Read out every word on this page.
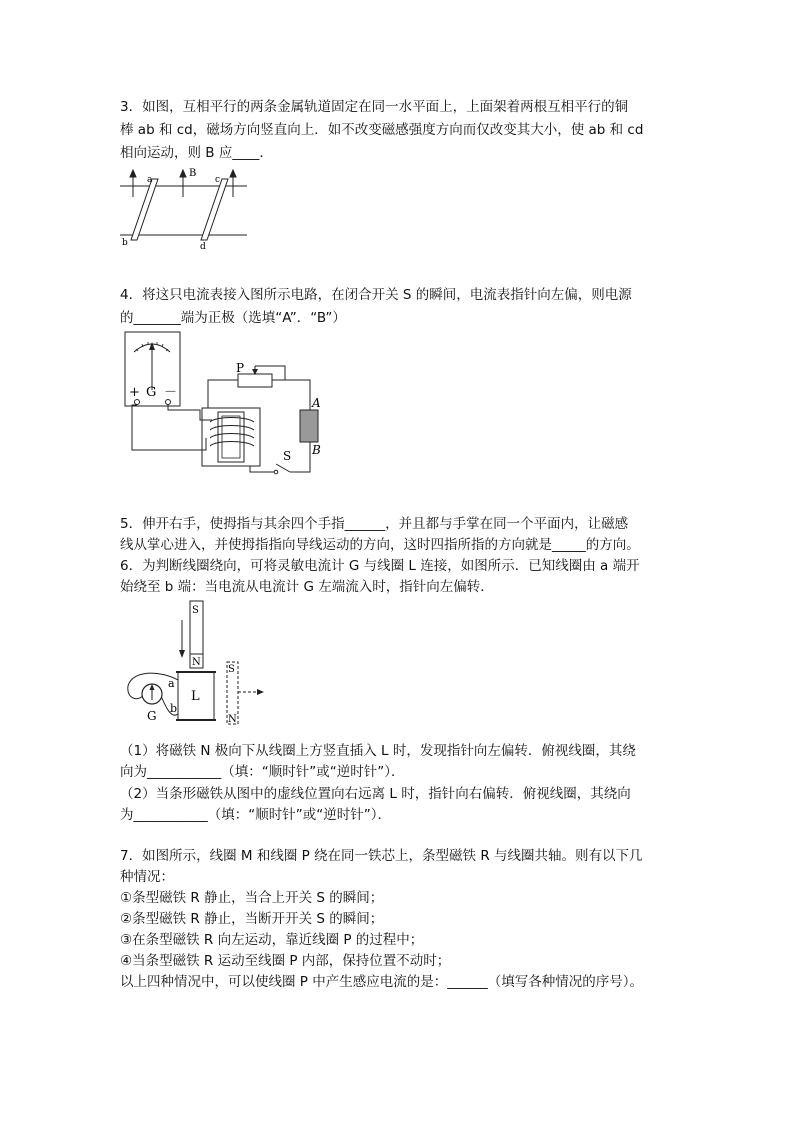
3．如图，互相平行的两条金属轨道固定在同一水平面上，上面架着两根互相平行的铜
棒 ab 和 cd，磁场方向竖直向上．如不改变磁感强度方向而仅改变其大小，使 ab 和 cd
相向运动，则 B 应____．
a
b
c
d
B
4．将这只电流表接入图所示电路，在闭合开关 S 的瞬间，电流表指针向左偏，则电源
的_______端为正极（选填“A”．“B”）
+ G －
P
A
B
S
5．伸开右手，使拇指与其余四个手指______，并且都与手掌在同一个平面内，让磁感
线从掌心进入，并使拇指指向导线运动的方向，这时四指所指的方向就是_____的方向。
6．为判断线圈绕向，可将灵敏电流计 G 与线圈 L 连接，如图所示．已知线圈由 a 端开
始绕至 b 端：当电流从电流计 G 左端流入时，指针向左偏转．
S
N
L
a
b
G
S
N
（1）将磁铁 N 极向下从线圈上方竖直插入 L 时，发现指针向左偏转．俯视线圈，其绕
向为___________（填：“顺时针”或“逆时针”）．
（2）当条形磁铁从图中的虚线位置向右远离 L 时，指针向右偏转．俯视线圈，其绕向
为___________（填：“顺时针”或“逆时针”）．
7．如图所示，线圈 M 和线圈 P 绕在同一铁芯上，条型磁铁 R 与线圈共轴。则有以下几
种情况：
①条型磁铁 R 静止，当合上开关 S 的瞬间；
②条型磁铁 R 静止，当断开开关 S 的瞬间；
③在条型磁铁 R 向左运动，靠近线圈 P 的过程中；
④当条型磁铁 R 运动至线圈 P 内部，保持位置不动时；
以上四种情况中，可以使线圈 P 中产生感应电流的是：______（填写各种情况的序号）。
